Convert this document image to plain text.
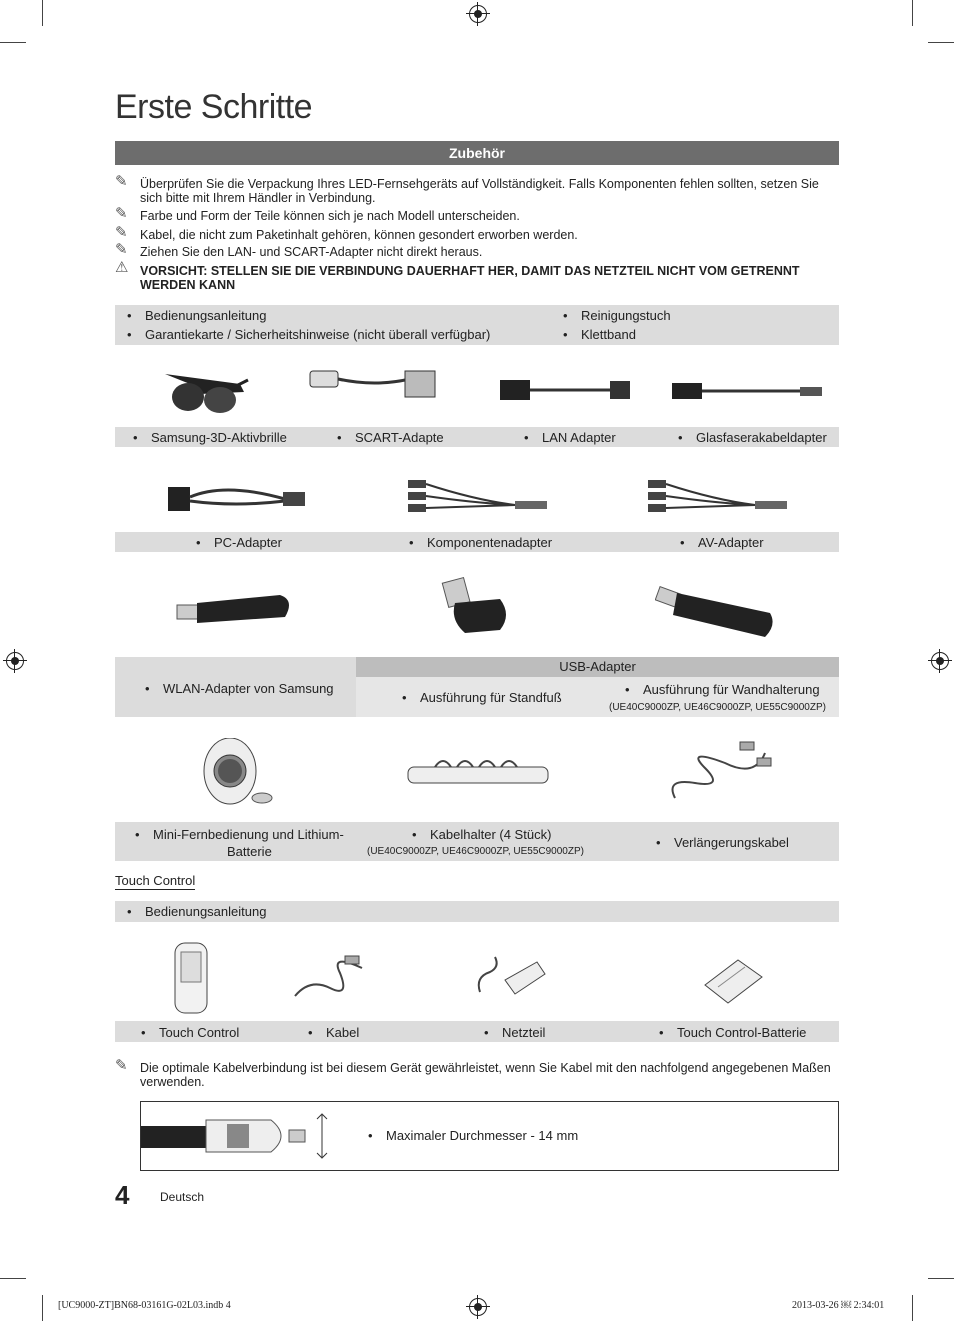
Erste Schritte
Zubehör
✎ Überprüfen Sie die Verpackung Ihres LED-Fernsehgeräts auf Vollständigkeit. Falls Komponenten fehlen sollten, setzen Sie sich bitte mit Ihrem Händler in Verbindung.
✎ Farbe und Form der Teile können sich je nach Modell unterscheiden.
✎ Kabel, die nicht zum Paketinhalt gehören, können gesondert erworben werden.
✎ Ziehen Sie den LAN- und SCART-Adapter nicht direkt heraus.
⚠ VORSICHT: STELLEN SIE DIE VERBINDUNG DAUERHAFT HER, DAMIT DAS NETZTEIL NICHT VOM GETRENNT WERDEN KANN
• Bedienungsanleitung
• Garantiekarte / Sicherheitshinweise (nicht überall verfügbar)
• Reinigungstuch
• Klettband
• Samsung-3D-Aktivbrille	• SCART-Adapte	• LAN Adapter	• Glasfaserakabeldapter
• PC-Adapter	• Komponentenadapter	• AV-Adapter
• WLAN-Adapter von Samsung
USB-Adapter
• Ausführung für Standfuß
• Ausführung für Wandhalterung
(UE40C9000ZP, UE46C9000ZP, UE55C9000ZP)
• Mini-Fernbedienung und Lithium-
Batterie
• Kabelhalter (4 Stück)
(UE40C9000ZP, UE46C9000ZP, UE55C9000ZP)
• Verlängerungskabel
Touch Control
• Bedienungsanleitung
• Touch Control	• Kabel	• Netzteil	• Touch Control-Batterie
✎ Die optimale Kabelverbindung ist bei diesem Gerät gewährleistet, wenn Sie Kabel mit den nachfolgend angegebenen Maßen verwenden.
• Maximaler Durchmesser - 14 mm
4	Deutsch
[UC9000-ZT]BN68-03161G-02L03.indb 4	2013-03-26 ￼ 2:34:01
